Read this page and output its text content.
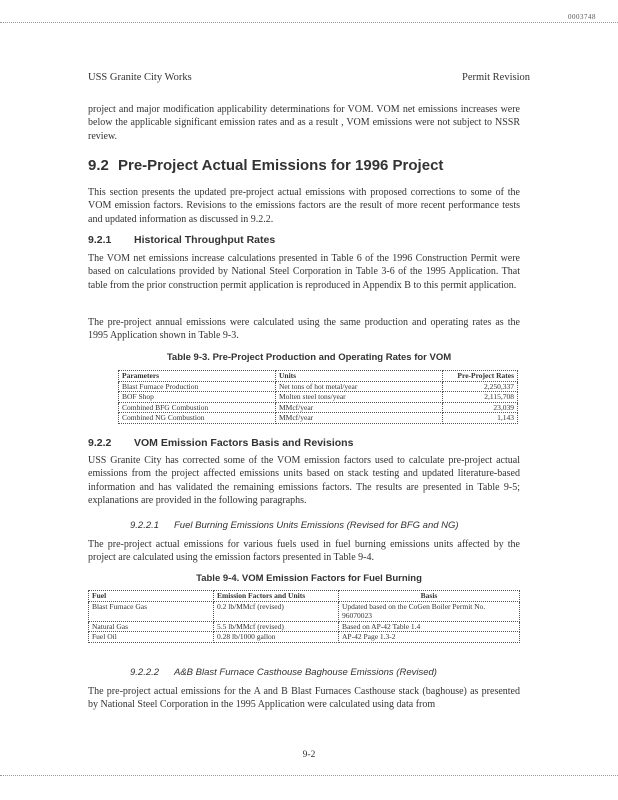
0003748
USS Granite City Works	Permit Revision
project and major modification applicability determinations for VOM. VOM net emissions increases were below the applicable significant emission rates and as a result , VOM emissions were not subject to NSSR review.
9.2 Pre-Project Actual Emissions for 1996 Project
This section presents the updated pre-project actual emissions with proposed corrections to some of the VOM emission factors. Revisions to the emissions factors are the result of more recent performance tests and updated information as discussed in 9.2.2.
9.2.1 Historical Throughput Rates
The VOM net emissions increase calculations presented in Table 6 of the 1996 Construction Permit were based on calculations provided by National Steel Corporation in Table 3-6 of the 1995 Application. That table from the prior construction permit application is reproduced in Appendix B to this permit application.
The pre-project annual emissions were calculated using the same production and operating rates as the 1995 Application shown in Table 9-3.
Table 9-3. Pre-Project Production and Operating Rates for VOM
Parameters	Units	Pre-Project Rates
Blast Furnace Production	Net tons of hot metal/year	2,250,337
BOF Shop	Molten steel tons/year	2,115,708
Combined BFG Combustion	MMcf/year	23,039
Combined NG Combustion	MMcf/year	1,143
9.2.2 VOM Emission Factors Basis and Revisions
USS Granite City has corrected some of the VOM emission factors used to calculate pre-project actual emissions from the project affected emissions units based on stack testing and updated literature-based information and has validated the remaining emissions factors. The results are presented in Table 9-5; explanations are provided in the following paragraphs.
9.2.2.1 Fuel Burning Emissions Units Emissions (Revised for BFG and NG)
The pre-project actual emissions for various fuels used in fuel burning emissions units affected by the project are calculated using the emission factors presented in Table 9-4.
Table 9-4. VOM Emission Factors for Fuel Burning
Fuel	Emission Factors and Units	Basis
Blast Furnace Gas	0.2 lb/MMcf (revised)	Updated based on the CoGen Boiler Permit No. 96070023
Natural Gas	5.5 lb/MMcf (revised)	Based on AP-42 Table 1.4
Fuel Oil	0.28 lb/1000 gallon	AP-42 Page 1.3-2
9.2.2.2 A&B Blast Furnace Casthouse Baghouse Emissions (Revised)
The pre-project actual emissions for the A and B Blast Furnaces Casthouse stack (baghouse) as presented by National Steel Corporation in the 1995 Application were calculated using data from
9-2
